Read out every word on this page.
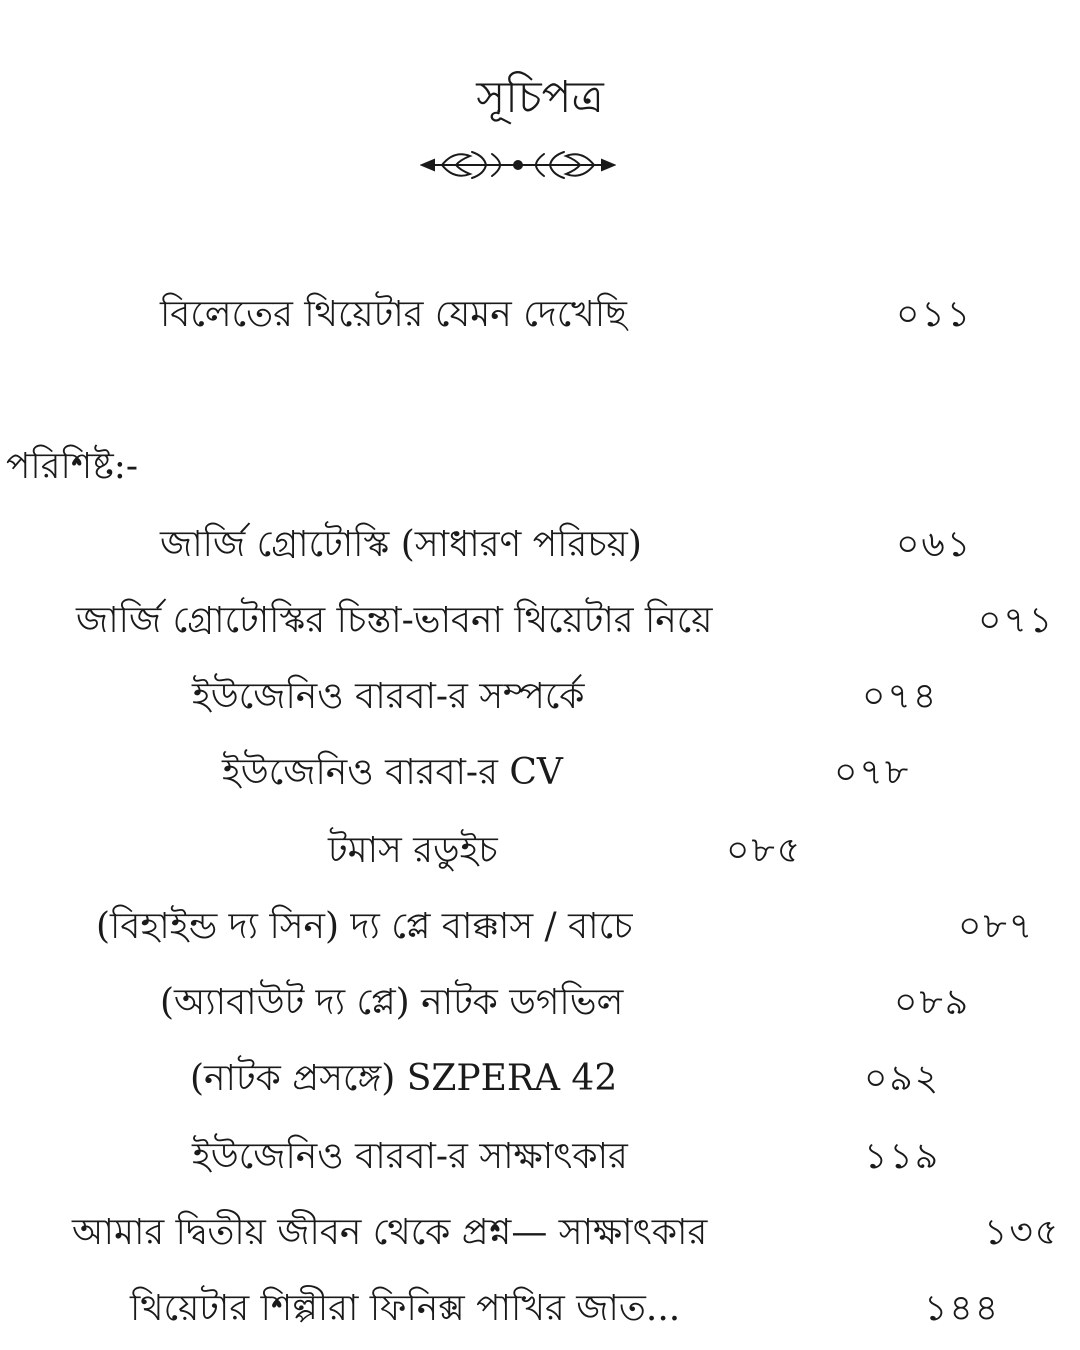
সূচিপত্র
বিলেতের থিয়েটার যেমন দেখেছি	০১১
পরিশিষ্ট:-
জার্জি গ্রোটোস্কি (সাধারণ পরিচয়)	০৬১
জার্জি গ্রোটোস্কির চিন্তা-ভাবনা থিয়েটার নিয়ে	০৭১
ইউজেনিও বারবা-র সম্পর্কে	০৭৪
ইউজেনিও বারবা-র CV	০৭৮
টমাস রডুইচ	০৮৫
(বিহাইন্ড দ্য সিন) দ্য প্লে বাক্কাস / বাচে	০৮৭
(অ্যাবাউট দ্য প্লে) নাটক ডগভিল	০৮৯
(নাটক প্রসঙ্গে) SZPERA 42	০৯২
ইউজেনিও বারবা-র সাক্ষাৎকার	১১৯
আমার দ্বিতীয় জীবন থেকে প্রশ্ন— সাক্ষাৎকার	১৩৫
থিয়েটার শিল্পীরা ফিনিক্স পাখির জাত...	১৪৪
